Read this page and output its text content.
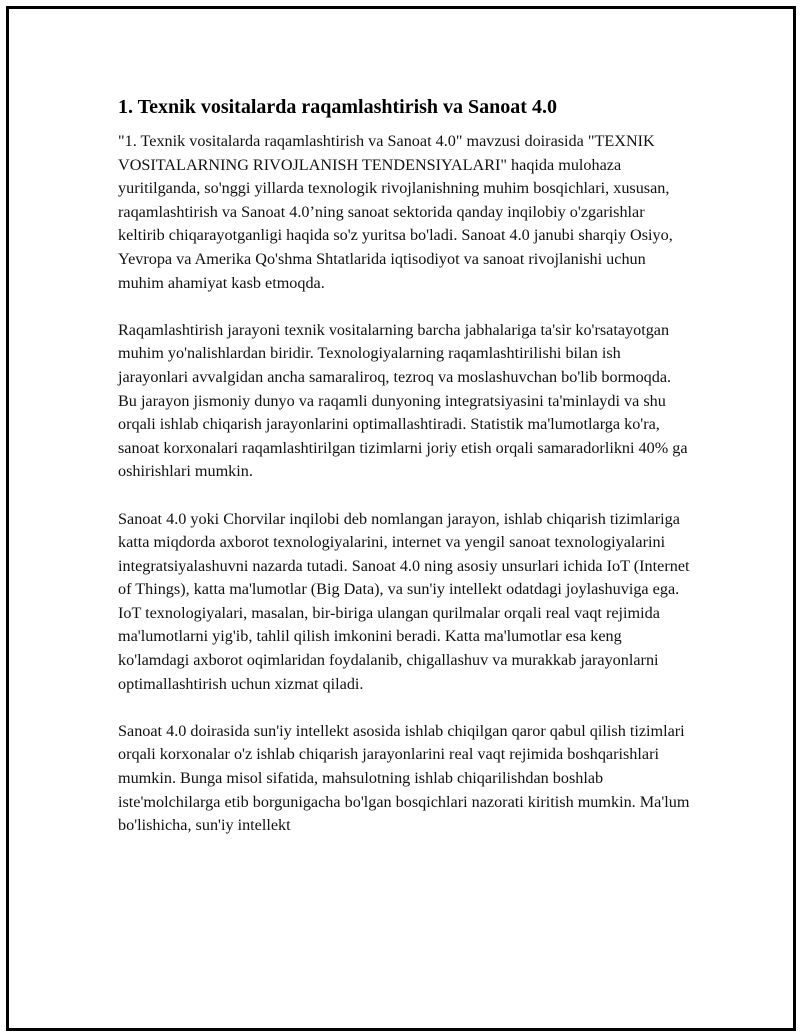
1. Texnik vositalarda raqamlashtirish va Sanoat 4.0

"1. Texnik vositalarda raqamlashtirish va Sanoat 4.0" mavzusi doirasida "TEXNIK VOSITALARNING RIVOJLANISH TENDENSIYALARI" haqida mulohaza yuritilganda, so'nggi yillarda texnologik rivojlanishning muhim bosqichlari, xususan, raqamlashtirish va Sanoat 4.0’ning sanoat sektorida qanday inqilobiy o'zgarishlar keltirib chiqarayotganligi haqida so'z yuritsa bo'ladi. Sanoat 4.0 janubi sharqiy Osiyo, Yevropa va Amerika Qo'shma Shtatlarida iqtisodiyot va sanoat rivojlanishi uchun muhim ahamiyat kasb etmoqda.

Raqamlashtirish jarayoni texnik vositalarning barcha jabhalariga ta'sir ko'rsatayotgan muhim yo'nalishlardan biridir. Texnologiyalarning raqamlashtirilishi bilan ish jarayonlari avvalgidan ancha samaraliroq, tezroq va moslashuvchan bo'lib bormoqda. Bu jarayon jismoniy dunyo va raqamli dunyoning integratsiyasini ta'minlaydi va shu orqali ishlab chiqarish jarayonlarini optimallashtiradi. Statistik ma'lumotlarga ko'ra, sanoat korxonalari raqamlashtirilgan tizimlarni joriy etish orqali samaradorlikni 40% ga oshirishlari mumkin.

Sanoat 4.0 yoki Chorvilar inqilobi deb nomlangan jarayon, ishlab chiqarish tizimlariga katta miqdorda axborot texnologiyalarini, internet va yengil sanoat texnologiyalarini integratsiyalashuvni nazarda tutadi. Sanoat 4.0 ning asosiy unsurlari ichida IoT (Internet of Things), katta ma'lumotlar (Big Data), va sun'iy intellekt odatdagi joylashuviga ega. IoT texnologiyalari, masalan, bir-biriga ulangan qurilmalar orqali real vaqt rejimida ma'lumotlarni yig'ib, tahlil qilish imkonini beradi. Katta ma'lumotlar esa keng ko'lamdagi axborot oqimlaridan foydalanib, chigallashuv va murakkab jarayonlarni optimallashtirish uchun xizmat qiladi.

Sanoat 4.0 doirasida sun'iy intellekt asosida ishlab chiqilgan qaror qabul qilish tizimlari orqali korxonalar o'z ishlab chiqarish jarayonlarini real vaqt rejimida boshqarishlari mumkin. Bunga misol sifatida, mahsulotning ishlab chiqarilishdan boshlab iste'molchilarga etib borgunigacha bo'lgan bosqichlari nazorati kiritish mumkin. Ma'lum bo'lishicha, sun'iy intellekt
